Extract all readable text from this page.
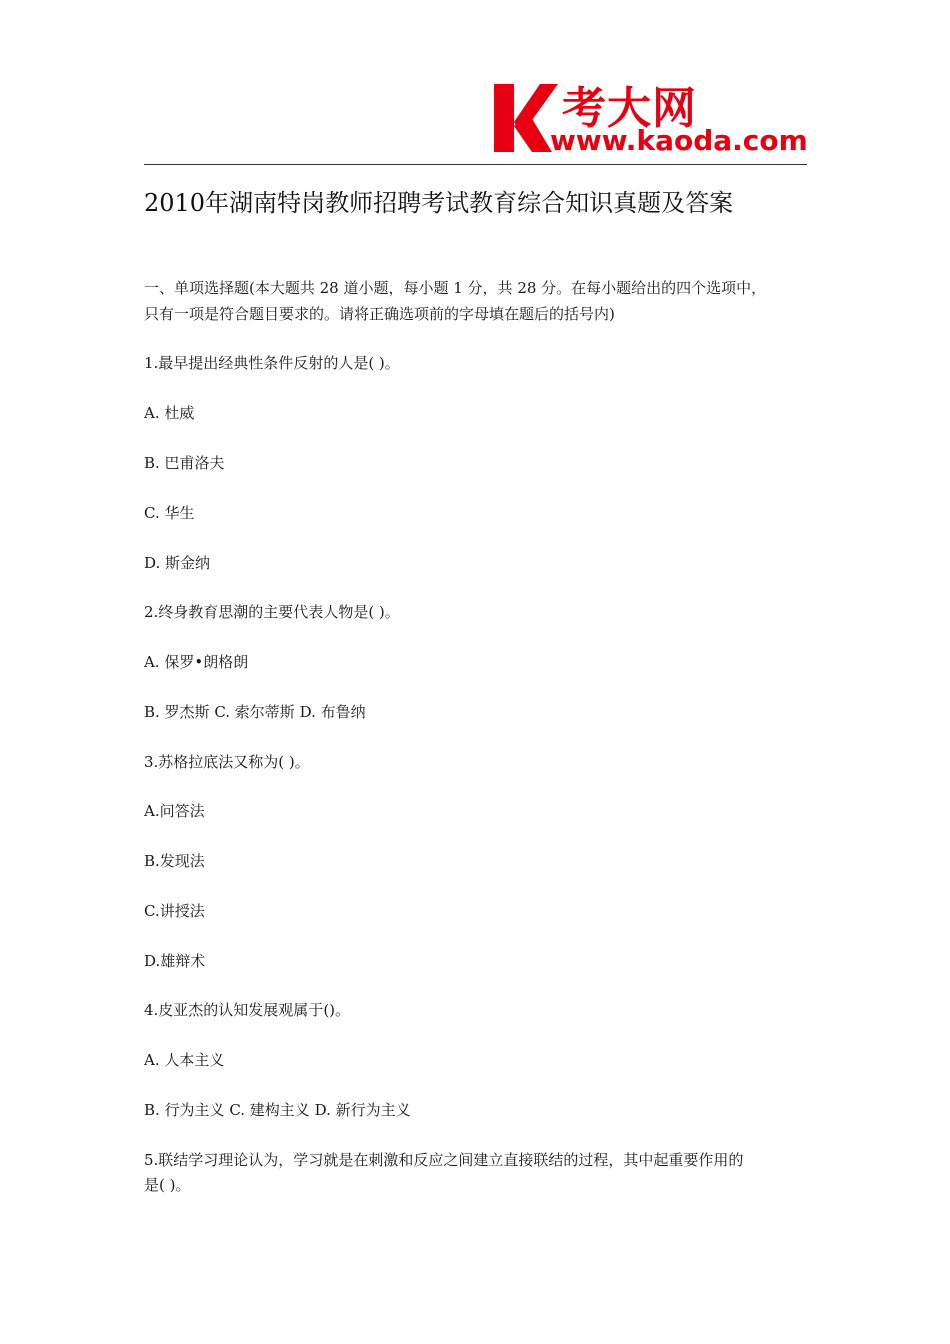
考大网
www.kaoda.com
2010年湖南特岗教师招聘考试教育综合知识真题及答案
一、单项选择题(本大题共 28 道小题，每小题 1 分，共 28 分。在每小题给出的四个选项中，
只有一项是符合题目要求的。请将正确选项前的字母填在题后的括号内)
1.最早提出经典性条件反射的人是( )。
A. 杜威
B. 巴甫洛夫
C. 华生
D. 斯金纳
2.终身教育思潮的主要代表人物是( )。
A. 保罗•朗格朗
B. 罗杰斯 C. 索尔蒂斯 D. 布鲁纳
3.苏格拉底法又称为( )。
A.问答法
B.发现法
C.讲授法
D.雄辩术
4.皮亚杰的认知发展观属于()。
A. 人本主义
B. 行为主义 C. 建构主义 D. 新行为主义
5.联结学习理论认为，学习就是在刺激和反应之间建立直接联结的过程，其中起重要作用的
是( )。
